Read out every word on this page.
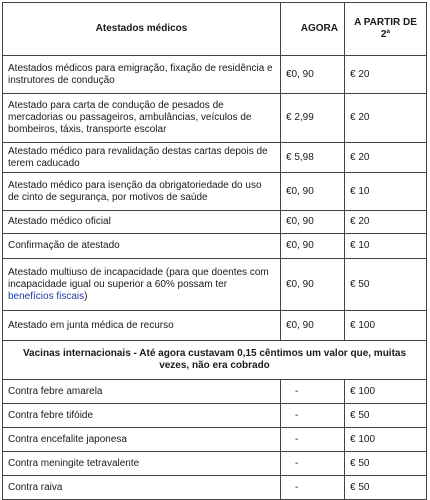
Atestados médicos	AGORA	A PARTIR DE
2ª
Atestados médicos para emigração, fixação de residência e instrutores de condução	€0, 90	€ 20
Atestado para carta de condução de pesados de mercadorias ou passageiros, ambulâncias, veículos de bombeiros, táxis, transporte escolar	€ 2,99	€ 20
Atestado médico para revalidação destas cartas depois de terem caducado	€ 5,98	€ 20
Atestado médico para isenção da obrigatoriedade do uso de cinto de segurança, por motivos de saúde	€0, 90	€ 10
Atestado médico oficial	€0, 90	€ 20
Confirmação de atestado	€0, 90	€ 10
Atestado multiuso de incapacidade (para que doentes com incapacidade igual ou superior a 60% possam ter benefícios fiscais)	€0, 90	€ 50
Atestado em junta médica de recurso	€0, 90	€ 100
Vacinas internacionais - Até agora custavam 0,15 cêntimos um valor que, muitas vezes, não era cobrado		
Contra febre amarela	-	€ 100
Contra febre tifóide	-	€ 50
Contra encefalite japonesa	-	€ 100
Contra meningite tetravalente	-	€ 50
Contra raiva	-	€ 50
